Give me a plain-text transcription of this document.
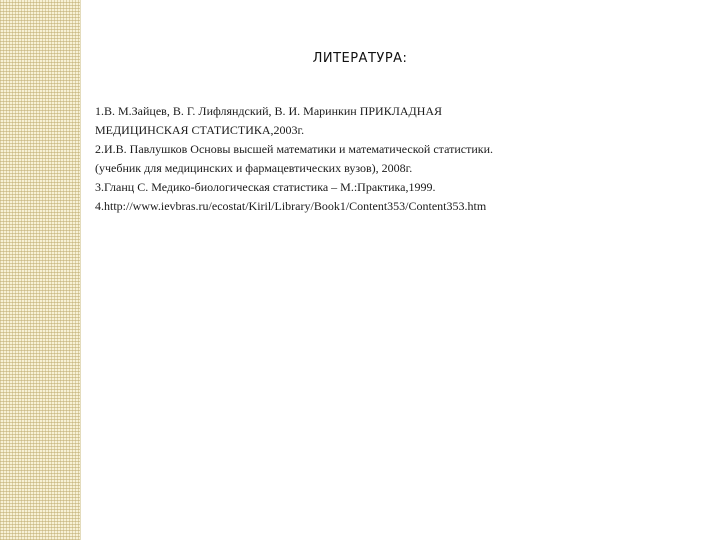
ЛИТЕРАТУРА:
1.В. М.Зайцев, В. Г. Лифляндский, В. И. Маринкин ПРИКЛАДНАЯ
МЕДИЦИНСКАЯ СТАТИСТИКА,2003г.
2.И.В. Павлушков Основы высшей математики и математической статистики.
(учебник для медицинских и фармацевтических вузов), 2008г.
3.Гланц С. Медико-биологическая статистика – М.:Практика,1999.
4.http://www.ievbras.ru/ecostat/Kiril/Library/Book1/Content353/Content353.htm
